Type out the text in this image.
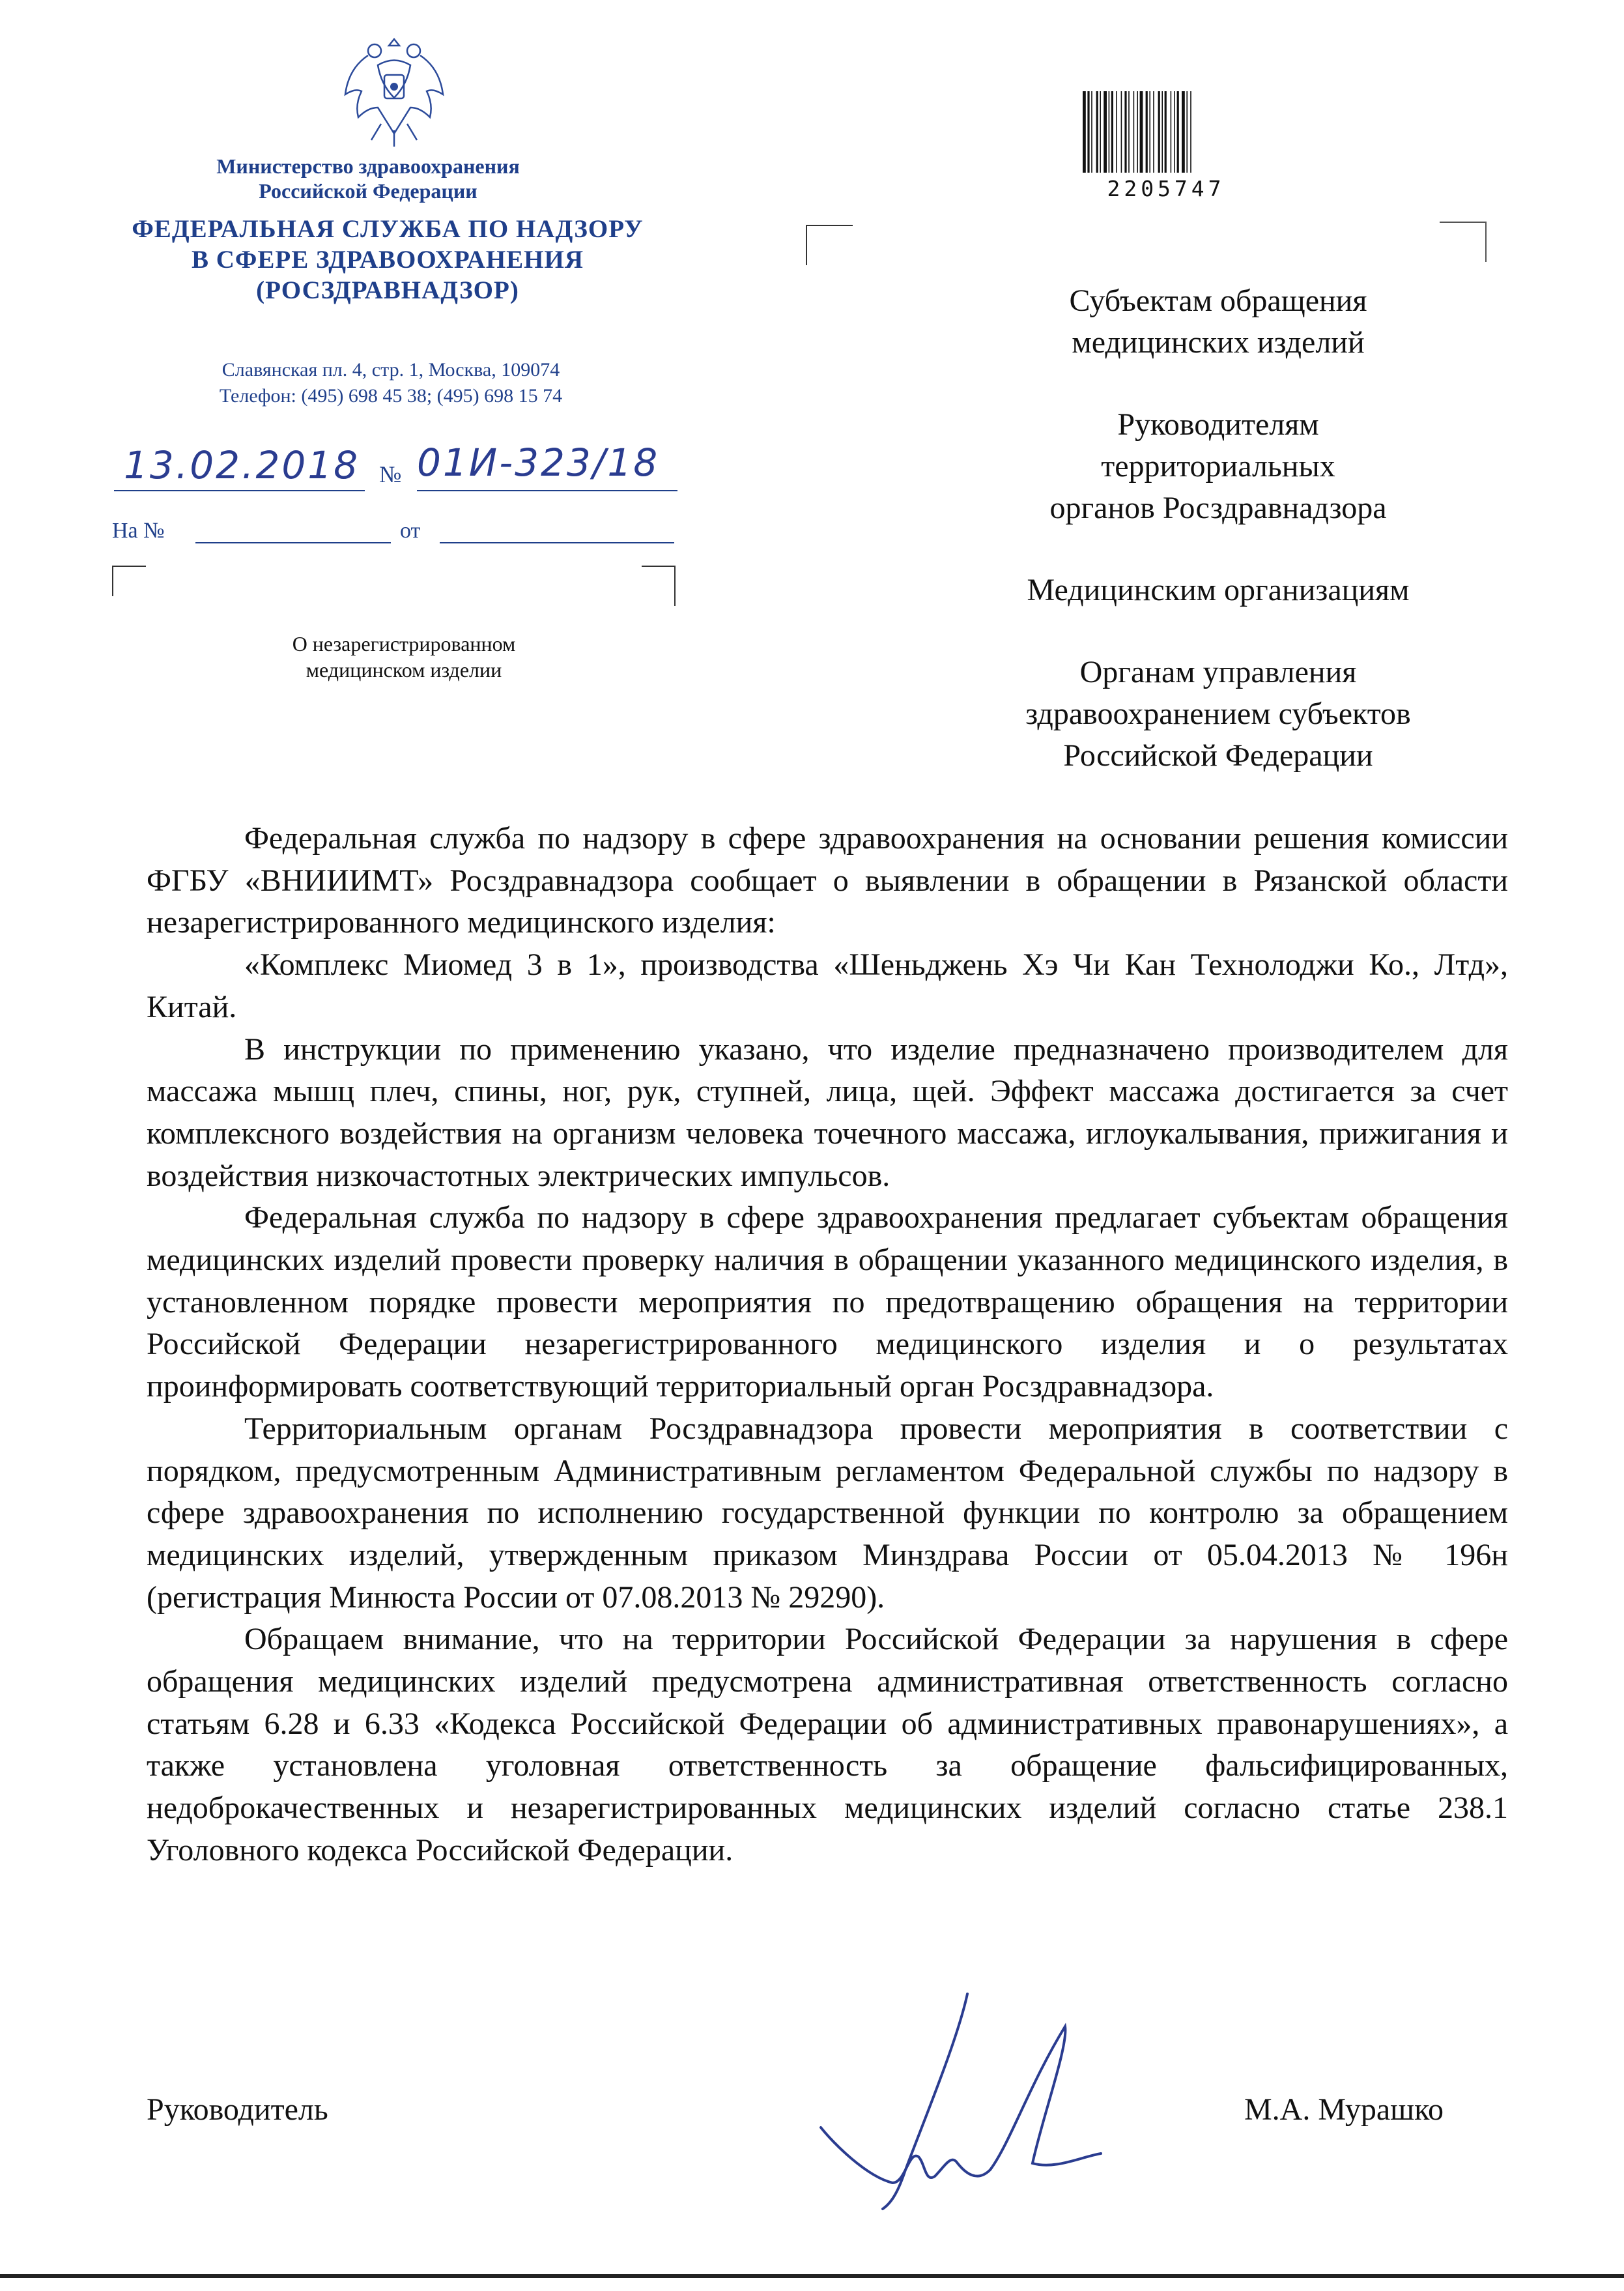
Министерство здравоохранения
Российской Федерации
ФЕДЕРАЛЬНАЯ СЛУЖБА ПО НАДЗОРУ
В СФЕРЕ ЗДРАВООХРАНЕНИЯ
(РОСЗДРАВНАДЗОР)
Славянская пл. 4, стр. 1, Москва, 109074
Телефон: (495) 698 45 38; (495) 698 15 74
13.02.2018 № 01И-323/18
На №	от
О незарегистрированном
медицинском изделии
2205747
Субъектам обращения
медицинских изделий
Руководителям
территориальных
органов Росздравнадзора
Медицинским организациям
Органам управления
здравоохранением субъектов
Российской Федерации

Федеральная служба по надзору в сфере здравоохранения на основании решения комиссии ФГБУ «ВНИИИМТ» Росздравнадзора сообщает о выявлении в обращении в Рязанской области незарегистрированного медицинского изделия:

«Комплекс Миомед 3 в 1», производства «Шеньджень Хэ Чи Кан Технолоджи Ко., Лтд», Китай.

В инструкции по применению указано, что изделие предназначено производителем для массажа мышц плеч, спины, ног, рук, ступней, лица, щей. Эффект массажа достигается за счет комплексного воздействия на организм человека точечного массажа, иглоукалывания, прижигания и воздействия низкочастотных электрических импульсов.

Федеральная служба по надзору в сфере здравоохранения предлагает субъектам обращения медицинских изделий провести проверку наличия в обращении указанного медицинского изделия, в установленном порядке провести мероприятия по предотвращению обращения на территории Российской Федерации незарегистрированного медицинского изделия и о результатах проинформировать соответствующий территориальный орган Росздравнадзора.

Территориальным органам Росздравнадзора провести мероприятия в соответствии с порядком, предусмотренным Административным регламентом Федеральной службы по надзору в сфере здравоохранения по исполнению государственной функции по контролю за обращением медицинских изделий, утвержденным приказом Минздрава России от 05.04.2013 № 196н (регистрация Минюста России от 07.08.2013 № 29290).

Обращаем внимание, что на территории Российской Федерации за нарушения в сфере обращения медицинских изделий предусмотрена административная ответственность согласно статьям 6.28 и 6.33 «Кодекса Российской Федерации об административных правонарушениях», а также установлена уголовная ответственность за обращение фальсифицированных, недоброкачественных и незарегистрированных медицинских изделий согласно статье 238.1 Уголовного кодекса Российской Федерации.

Руководитель	М.А. Мурашко
